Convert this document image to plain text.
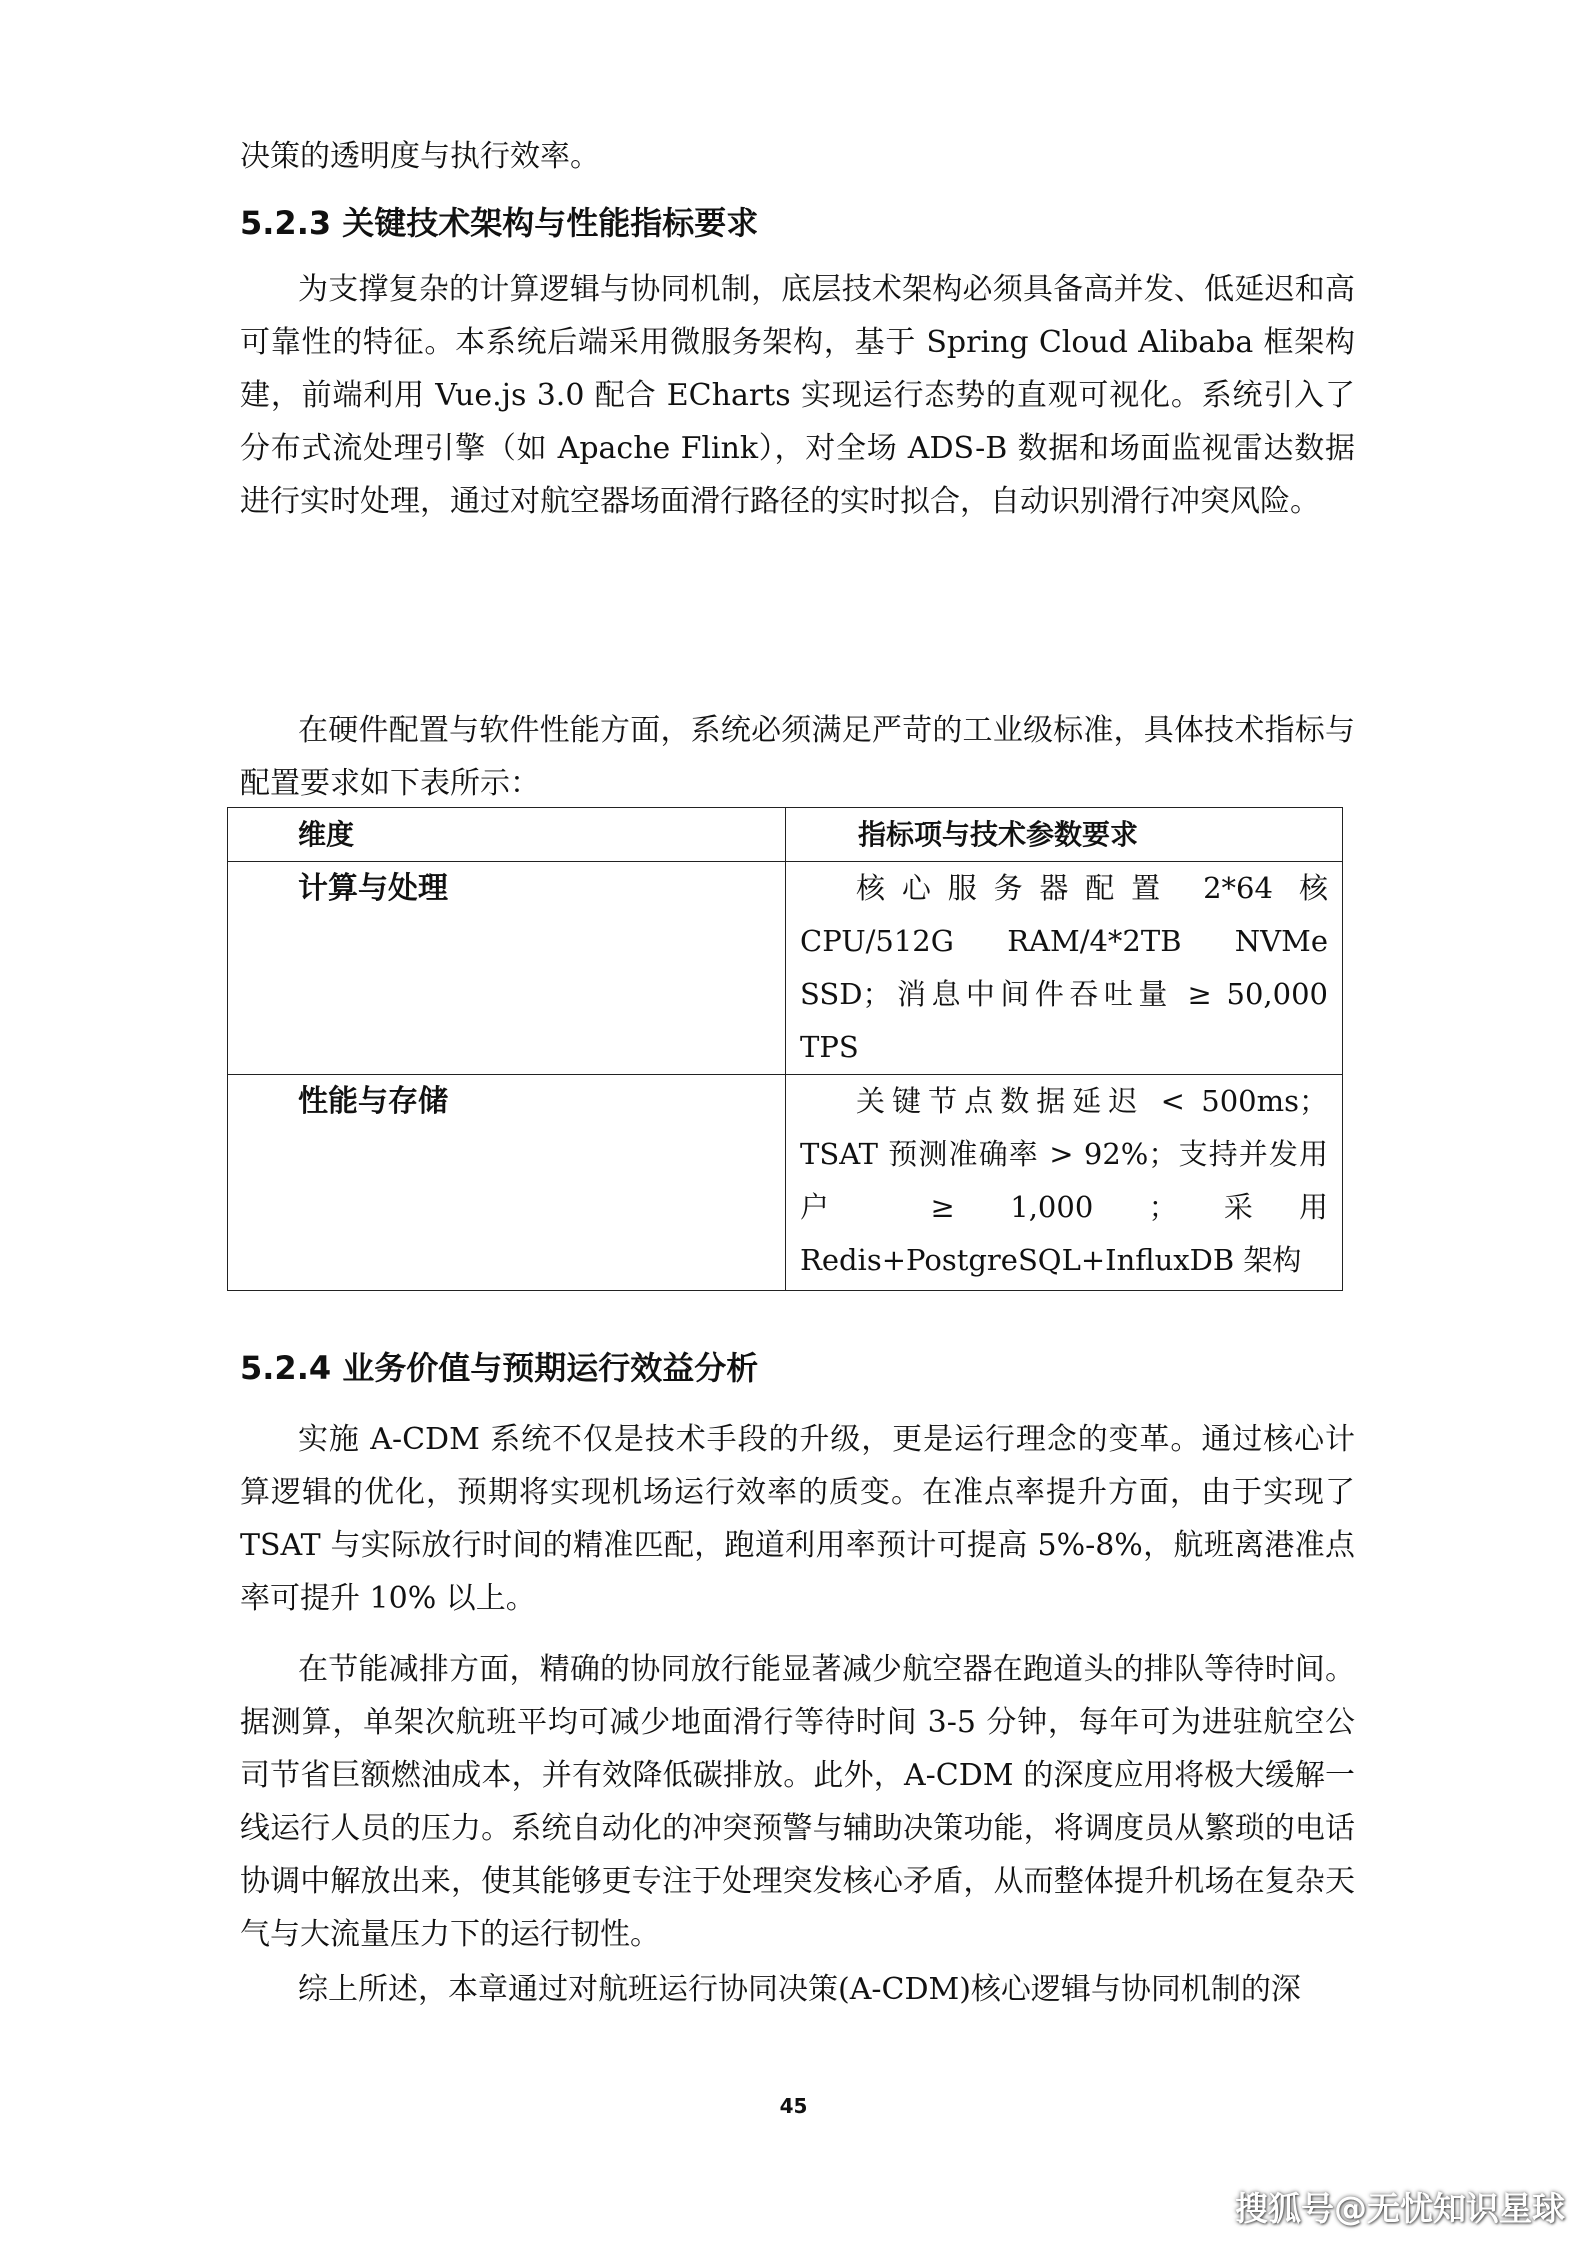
决策的透明度与执行效率。

5.2.3 关键技术架构与性能指标要求

为支撑复杂的计算逻辑与协同机制，底层技术架构必须具备高并发、低延迟和高可靠性的特征。本系统后端采用微服务架构，基于 Spring Cloud Alibaba 框架构建，前端利用 Vue.js 3.0 配合 ECharts 实现运行态势的直观可视化。系统引入了分布式流处理引擎（如 Apache Flink），对全场 ADS-B 数据和场面监视雷达数据进行实时处理，通过对航空器场面滑行路径的实时拟合，自动识别滑行冲突风险。

在硬件配置与软件性能方面，系统必须满足严苛的工业级标准，具体技术指标与配置要求如下表所示：

维度	指标项与技术参数要求

计算与处理	核心服务器配置 2*64 核 CPU/512G RAM/4*2TB NVMe SSD；消息中间件吞吐量 ≥ 50,000 TPS

性能与存储	关键节点数据延迟 < 500ms；TSAT 预测准确率 > 92%；支持并发用户 ≥ 1,000 ；采用 Redis+PostgreSQL+InfluxDB 架构
5.2.4 业务价值与预期运行效益分析

实施 A-CDM 系统不仅是技术手段的升级，更是运行理念的变革。通过核心计算逻辑的优化，预期将实现机场运行效率的质变。在准点率提升方面，由于实现了 TSAT 与实际放行时间的精准匹配，跑道利用率预计可提高 5%-8%，航班离港准点率可提升 10% 以上。

在节能减排方面，精确的协同放行能显著减少航空器在跑道头的排队等待时间。据测算，单架次航班平均可减少地面滑行等待时间 3-5 分钟，每年可为进驻航空公司节省巨额燃油成本，并有效降低碳排放。此外，A-CDM 的深度应用将极大缓解一线运行人员的压力。系统自动化的冲突预警与辅助决策功能，将调度员从繁琐的电话协调中解放出来，使其能够更专注于处理突发核心矛盾，从而整体提升机场在复杂天气与大流量压力下的运行韧性。

综上所述，本章通过对航班运行协同决策(A-CDM)核心逻辑与协同机制的深

45
搜狐号@无忧知识星球
